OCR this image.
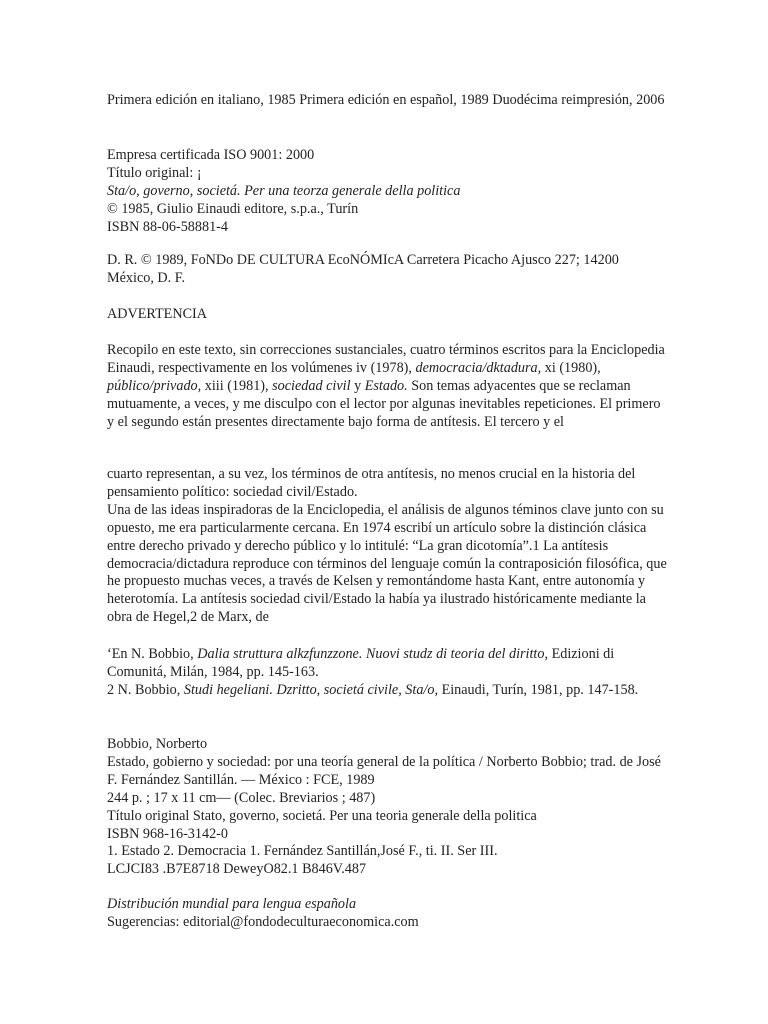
Primera edición en italiano, 1985 Primera edición en español, 1989 Duodécima reimpresión, 2006

Empresa certificada ISO 9001: 2000

Título original: ¡

Sta/o, governo, societá. Per una teorza generale della politica

© 1985, Giulio Einaudi editore, s.p.a., Turín

ISBN 88-06-58881-4

D. R. © 1989, FoNDo DE CULTURA EcoNÓMIcA Carretera Picacho Ajusco 227; 14200 México, D. F.

ADVERTENCIA

Recopilo en este texto, sin correcciones sustanciales, cuatro términos escritos para la Enciclopedia Einaudi, respectivamente en los volúmenes iv (1978), democracia/dktadura, xi (1980), público/privado, xiii (1981), sociedad civil y Estado. Son temas adyacentes que se reclaman mutuamente, a veces, y me disculpo con el lector por algunas inevitables repeticiones. El primero y el segundo están presentes directamente bajo forma de antítesis. El tercero y el

cuarto representan, a su vez, los términos de otra antítesis, no menos crucial en la historia del pensamiento político: sociedad civil/Estado.

Una de las ideas inspiradoras de la Enciclopedia, el análisis de algunos téminos clave junto con su opuesto, me era particularmente cercana. En 1974 escribí un artículo sobre la distinción clásica entre derecho privado y derecho público y lo intitulé: “La gran dicotomía”.1 La antítesis democracia/dictadura reproduce con términos del lenguaje común la contraposición filosófica, que he propuesto muchas veces, a través de Kelsen y remontándome hasta Kant, entre autonomía y heterotomía. La antítesis sociedad civil/Estado la había ya ilustrado históricamente mediante la obra de Hegel,2 de Marx, de

‘En N. Bobbio, Dalia struttura alkzfunzzone. Nuovi studz di teoria del diritto, Edizioni di Comunitá, Milán, 1984, pp. 145-163.

2 N. Bobbio, Studi hegeliani. Dzritto, societá civile, Sta/o, Einaudi, Turín, 1981, pp. 147-158.

Bobbio, Norberto

Estado, gobierno y sociedad: por una teoría general de la política / Norberto Bobbio; trad. de José F. Fernández Santillán. — México : FCE, 1989

244 p. ; 17 x 11 cm— (Colec. Breviarios ; 487)

Título original Stato, governo, societá. Per una teoria generale della politica

ISBN 968-16-3142-0

1. Estado 2. Democracia 1. Fernández Santillán,José F., ti. II. Ser III.

LCJCI83 .B7E8718 DeweyO82.1 B846V.487

Distribución mundial para lengua española

Sugerencias: editorial@fondodeculturaeconomica.com
